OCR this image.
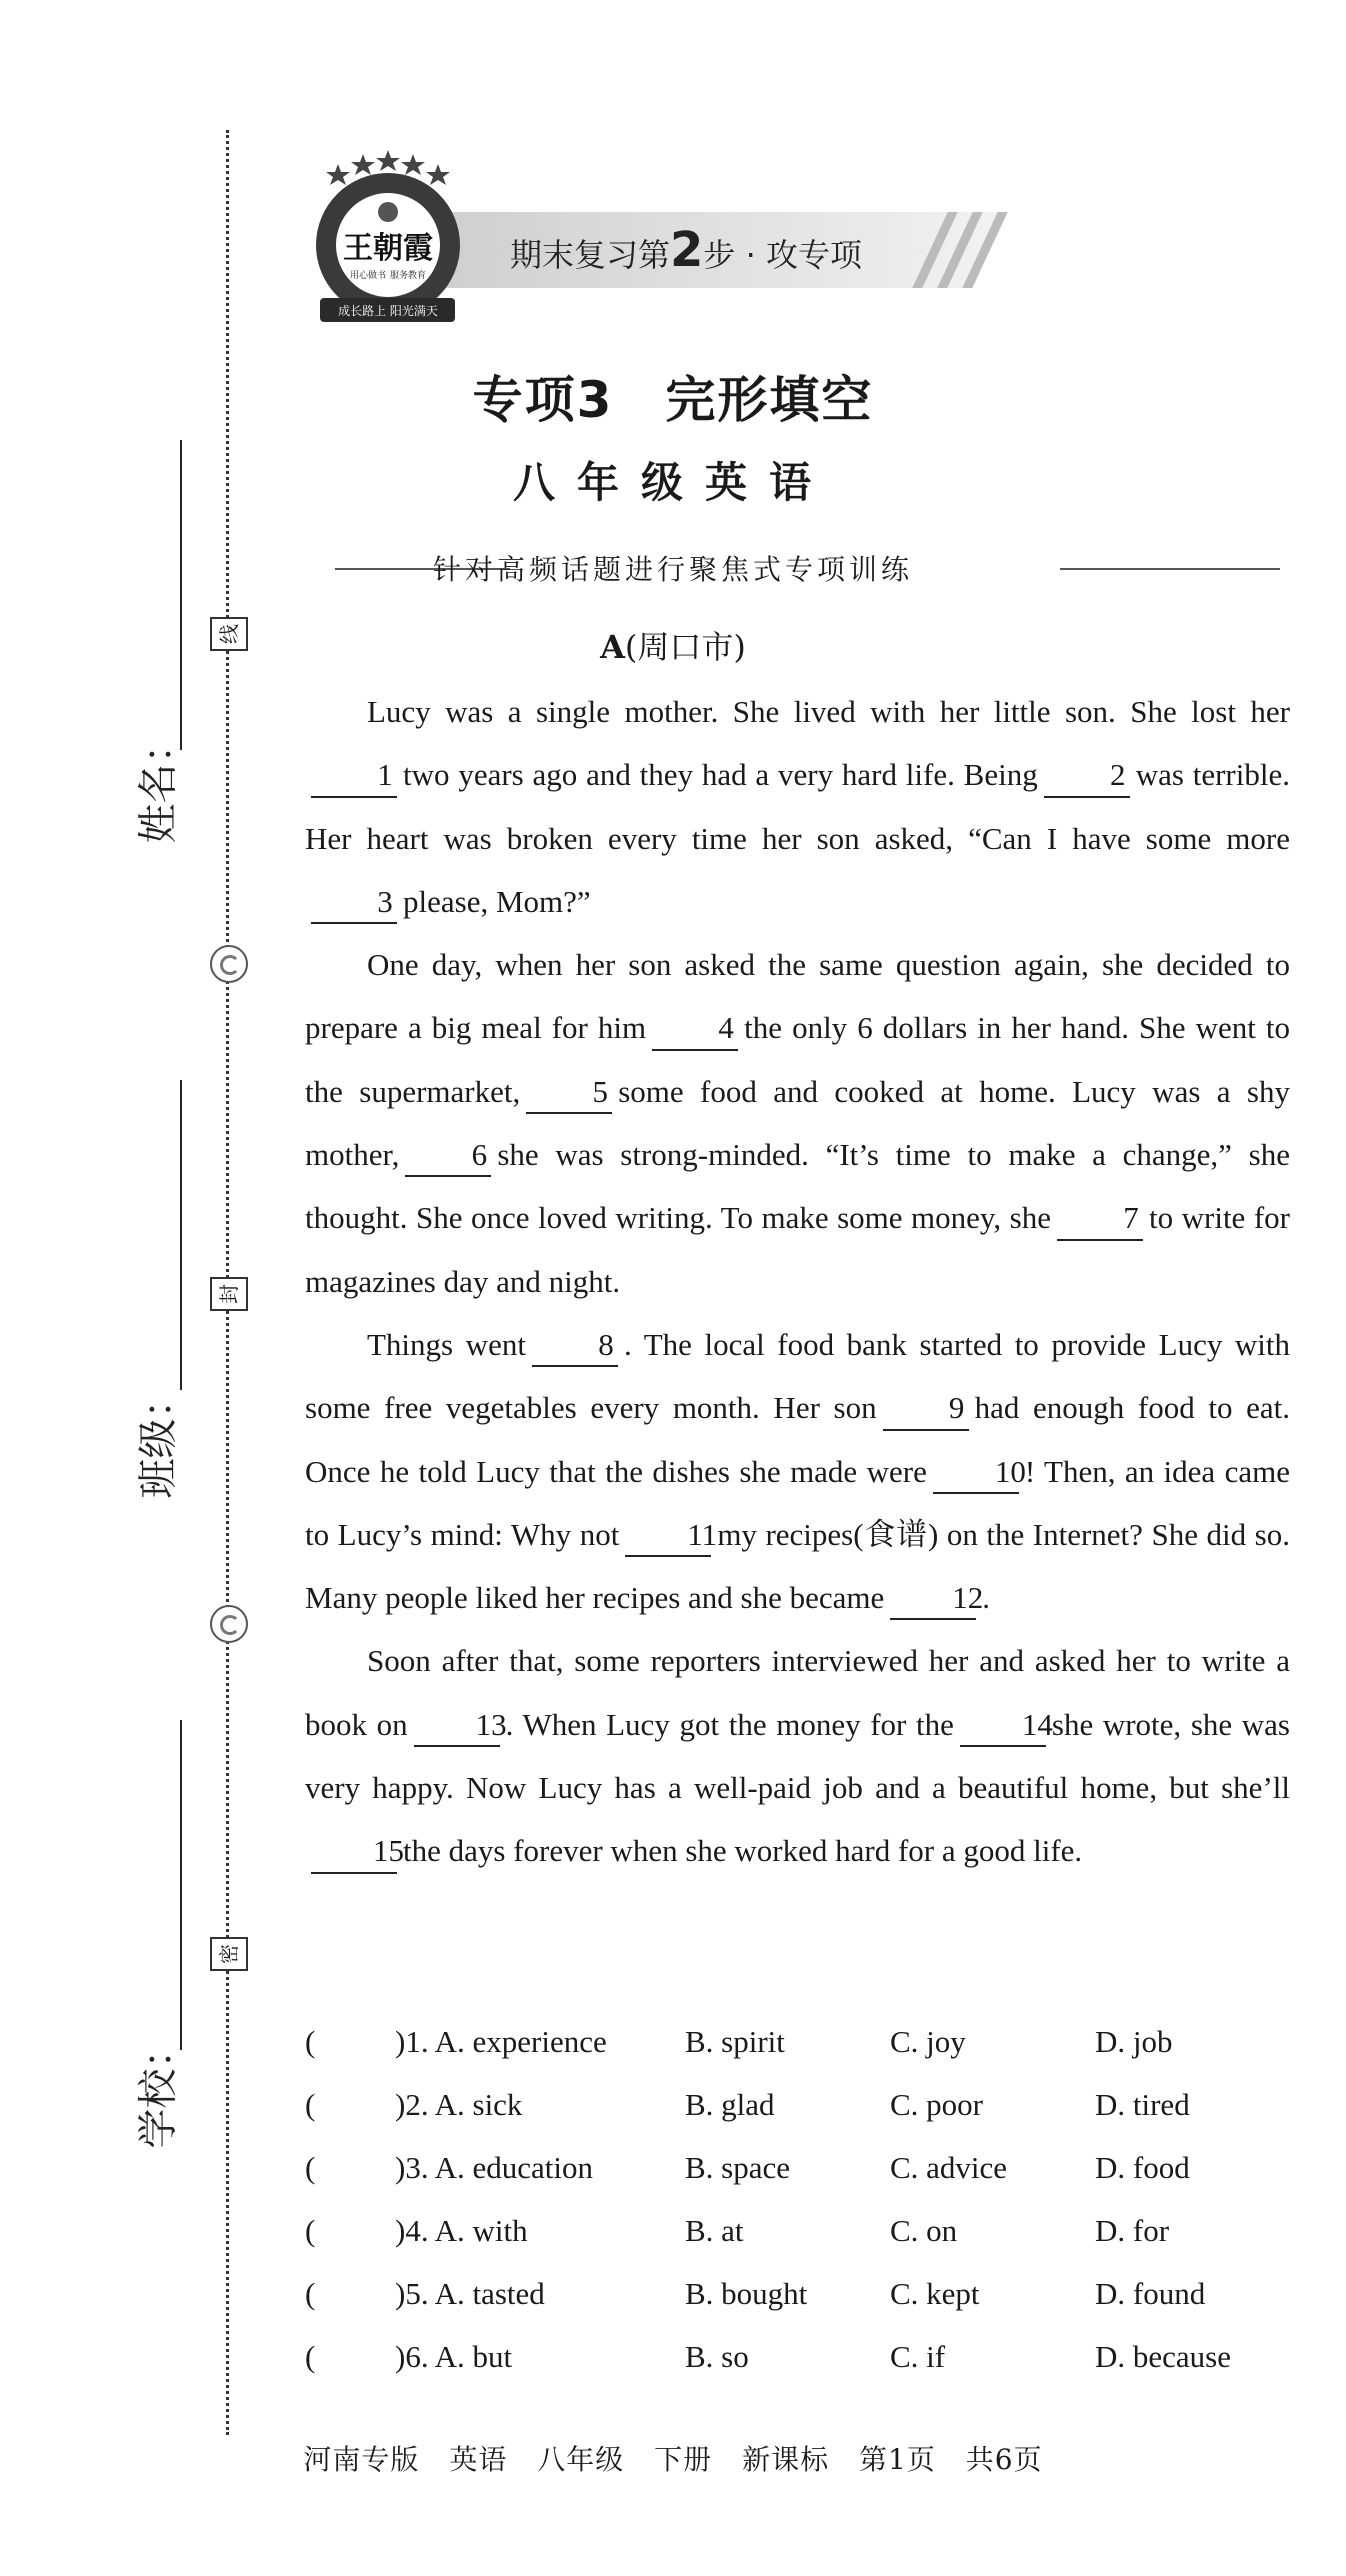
姓名：
线
班级：
封
学校：
密
期末复习第2步 · 攻专项
王朝霞
用心做书 服务教育
成长路上 阳光满天
专项3　完形填空
八年级英语
针对高频话题进行聚焦式专项训练
A(周口市)

Lucy was a single mother. She lived with her little son. She lost her1 two years ago and they had a very hard life. Being 2 was terrible. Her heart was broken every time her son asked, “Can I have some more3 please, Mom?”

One day, when her son asked the same question again, she decided to prepare a big meal for him 4 the only 6 dollars in her hand. She went to the supermarket, 5 some food and cooked at home. Lucy was a shy mother, 6 she was strong-minded. “It’s time to make a change,” she thought. She once loved writing. To make some money, she 7 to write for magazines day and night.

Things went 8 . The local food bank started to provide Lucy with some free vegetables every month. Her son 9 had enough food to eat. Once he told Lucy that the dishes she made were 10! Then, an idea came to Lucy’s mind: Why not 11my recipes(食谱) on the Internet? She did so. Many people liked her recipes and she became 12.

Soon after that, some reporters interviewed her and asked her to write a book on 13. When Lucy got the money for the 14she wrote, she was very happy. Now Lucy has a well-paid job and a beautiful home, but she’ll15the days forever when she worked hard for a good life.

(	)1. A. experience	B. spirit	C. joy	D. job
(	)2. A. sick	B. glad	C. poor	D. tired
(	)3. A. education	B. space	C. advice	D. food
(	)4. A. with	B. at	C. on	D. for
(	)5. A. tasted	B. bought	C. kept	D. found
(	)6. A. but	B. so	C. if	D. because
河南专版 英语 八年级 下册 新课标 第1页 共6页
